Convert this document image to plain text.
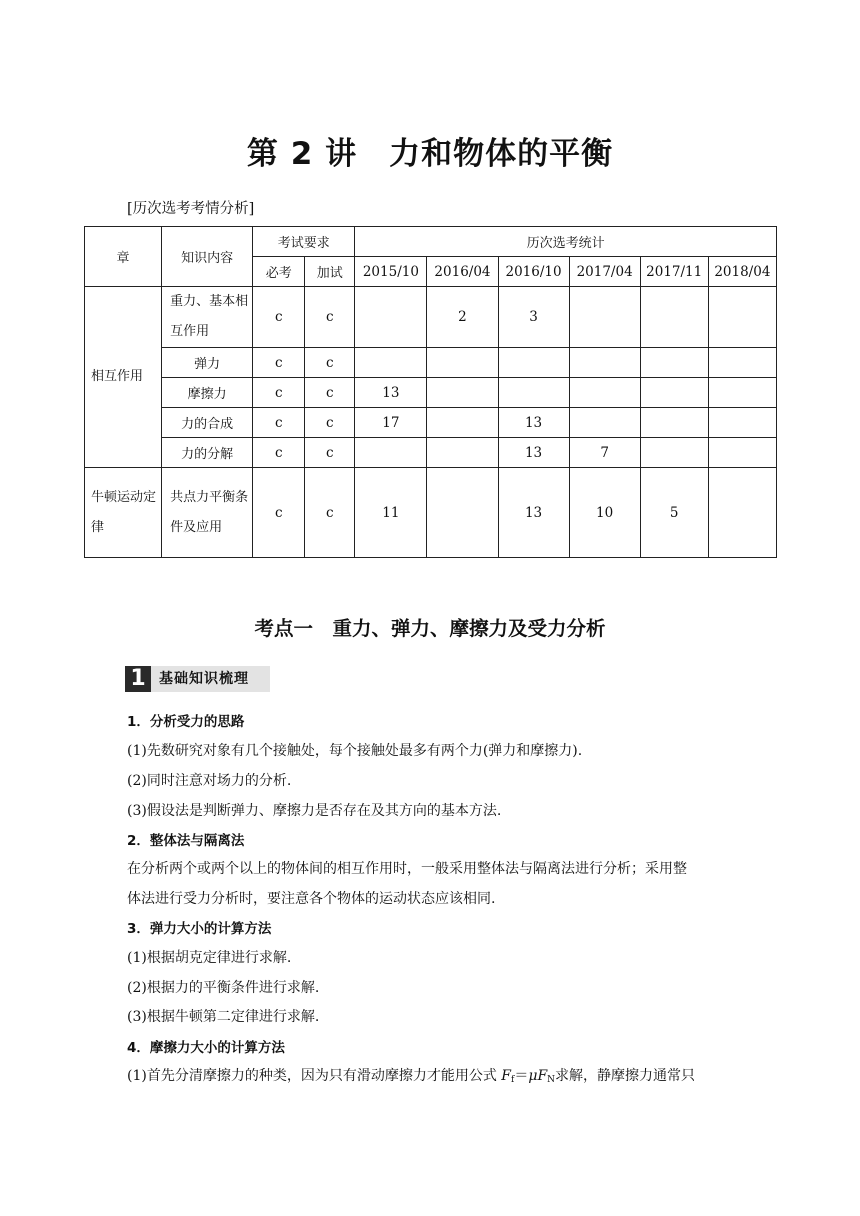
第 2 讲　力和物体的平衡
[历次选考考情分析]
章	知识内容	考试要求		历次选考统计					
		必考	加试	2015/10	2016/04	2016/10	2017/04	2017/11	2018/04
相互作用	重力、基本相互作用	c	c		2	3			
	弹力	c	c						
	摩擦力	c	c	13					
	力的合成	c	c	17		13			
	力的分解	c	c			13	7		
牛顿运动定律	共点力平衡条件及应用	c	c	11		13	10	5	
考点一　重力、弹力、摩擦力及受力分析
1 基础知识梳理
1．分析受力的思路
(1)先数研究对象有几个接触处，每个接触处最多有两个力(弹力和摩擦力).
(2)同时注意对场力的分析.
(3)假设法是判断弹力、摩擦力是否存在及其方向的基本方法.
2．整体法与隔离法
在分析两个或两个以上的物体间的相互作用时，一般采用整体法与隔离法进行分析；采用整
体法进行受力分析时，要注意各个物体的运动状态应该相同.
3．弹力大小的计算方法
(1)根据胡克定律进行求解.
(2)根据力的平衡条件进行求解.
(3)根据牛顿第二定律进行求解.
4．摩擦力大小的计算方法
(1)首先分清摩擦力的种类，因为只有滑动摩擦力才能用公式 $F_f=\mu F_N$求解，静摩擦力通常只
